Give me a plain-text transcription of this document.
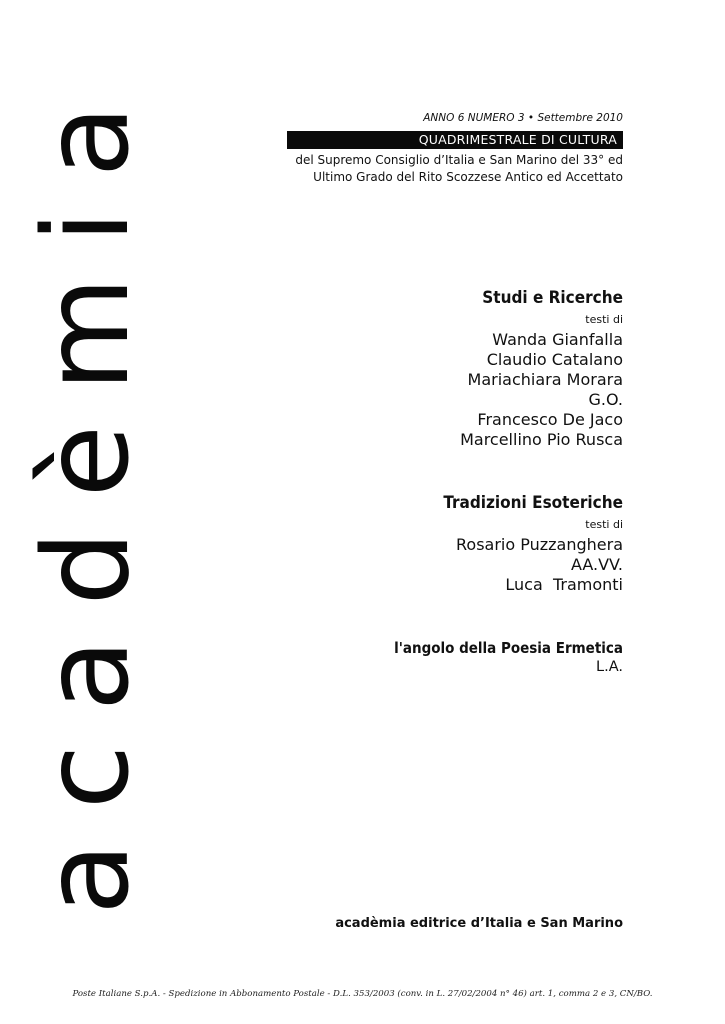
acadèmia	ANNO 6 NUMERO 3 • Settembre 2010
QUADRIMESTRALE DI CULTURA
del Supremo Consiglio d’Italia e San Marino del 33° ed
Ultimo Grado del Rito Scozzese Antico ed Accettato
Studi e Ricerche
testi di
Wanda Gianfalla
Claudio Catalano
Mariachiara Morara
G.O.
Francesco De Jaco
Marcellino Pio Rusca
Tradizioni Esoteriche
testi di
Rosario Puzzanghera
AA.VV.
Luca  Tramonti
l'angolo della Poesia Ermetica
L.A.
acadèmia editrice d’Italia e San Marino
Poste Italiane S.p.A. - Spedizione in Abbonamento Postale - D.L. 353/2003 (conv. in L. 27/02/2004 n° 46) art. 1, comma 2 e 3, CN/BO.
